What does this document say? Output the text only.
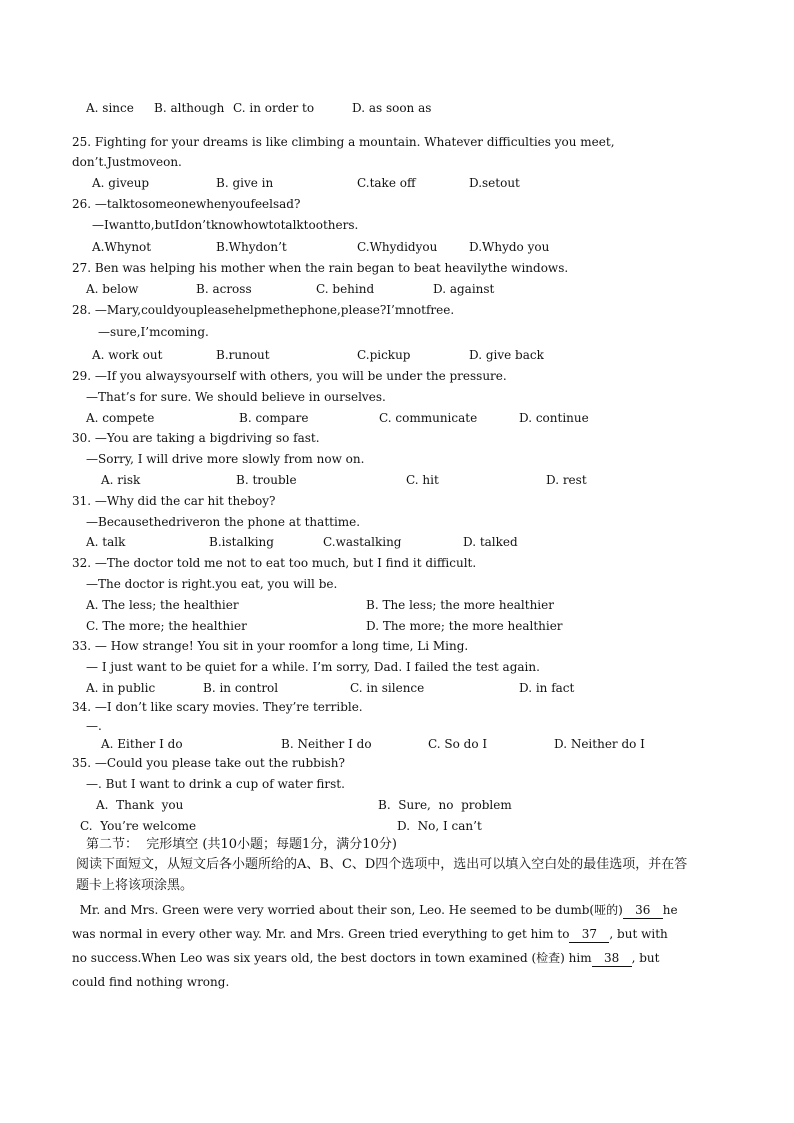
A. since B. although C. in order to	D. as soon as
25. Fighting for your dreams is like climbing a mountain. Whatever difficulties you meet,
don’t.Justmoveon.
A. giveup	B. give in	C.take off	D.setout
26. —talktosomeonewhenyoufeelsad?
—Iwantto,butIdon’tknowhowtotalktoothers.
A.Whynot	B.Whydon’t	C.Whydidyou	D.Whydo you
27. Ben was helping his mother when the rain began to beat heavilythe windows.
A. below	B. across	C. behind	D. against
28. —Mary,couldyoupleasehelpmethephone,please?I’mnotfree.
—sure,I’mcoming.
A. work out	B.runout	C.pickup	D. give back
29. —If you alwaysyourself with others, you will be under the pressure.
—That’s for sure. We should believe in ourselves.
A. compete	B. compare	C. communicate	D. continue
30. —You are taking a bigdriving so fast.
—Sorry, I will drive more slowly from now on.
A. risk	B. trouble	C. hit	D. rest
31. —Why did the car hit theboy?
—Becausethedriveron the phone at thattime.
A. talk	B.istalking	C.wastalking	D. talked
32. —The doctor told me not to eat too much, but I find it difficult.
—The doctor is right.you eat, you will be.
A. The less; the healthier	B. The less; the more healthier
C. The more; the healthier	D. The more; the more healthier
33. — How strange! You sit in your roomfor a long time, Li Ming.
— I just want to be quiet for a while. I’m sorry, Dad. I failed the test again.
A. in public	B. in control	C. in silence	D. in fact
34. —I don’t like scary movies. They’re terrible.
—.
A. Either I do	B. Neither I do	C. So do I	D. Neither do I
35. —Could you please take out the rubbish?
—. But I want to drink a cup of water first.
A.  Thank  you	B.  Sure,  no  problem
C.  You’re welcome	D.  No, I can’t
第二节：  完形填空 (共10小题；每题1分，满分10分)
阅读下面短文，从短文后各小题所给的A、B、C、D四个选项中，选出可以填入空白处的最佳选项，并在答
题卡上将该项涂黑。
Mr. and Mrs. Green were very worried about their son, Leo. He seemed to be dumb(哑的) 36 he
was normal in every other way. Mr. and Mrs. Green tried everything to get him to 37 , but with
no success.When Leo was six years old, the best doctors in town examined (检查) him 38 , but
could find nothing wrong.
